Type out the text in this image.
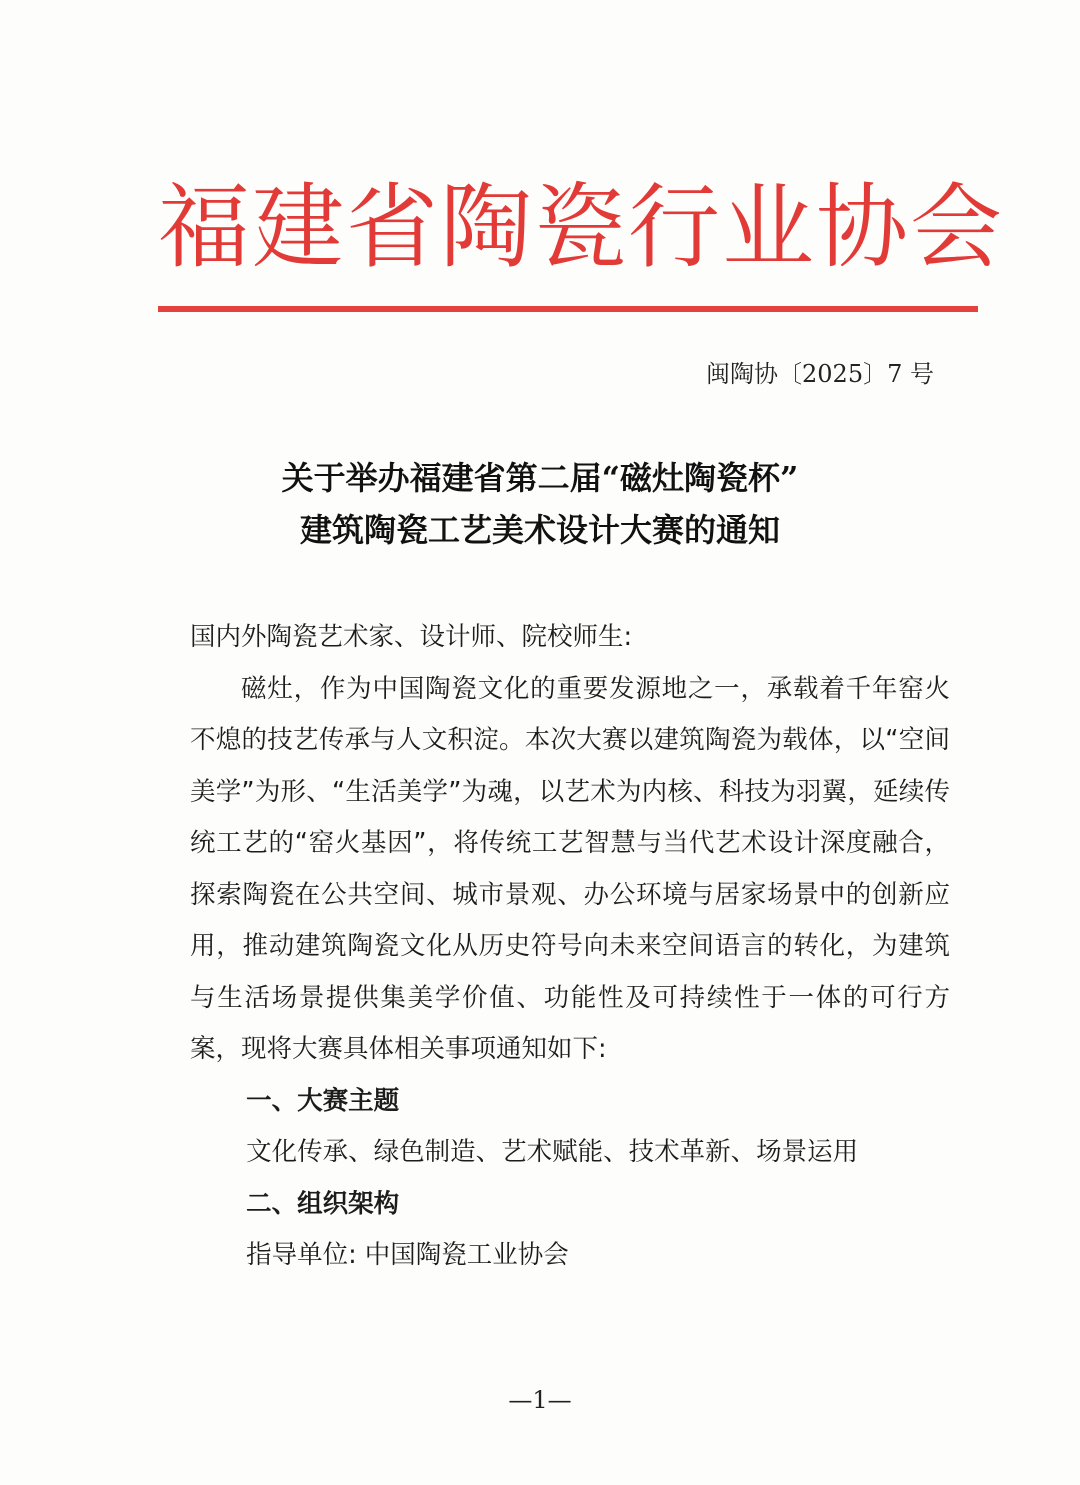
福建省陶瓷行业协会
闽陶协〔2025〕7 号
关于举办福建省第二届“磁灶陶瓷杯”
建筑陶瓷工艺美术设计大赛的通知

国内外陶瓷艺术家、设计师、院校师生:

磁灶，作为中国陶瓷文化的重要发源地之一，承载着千年窑火不熄的技艺传承与人文积淀。本次大赛以建筑陶瓷为载体，以“空间美学”为形、“生活美学”为魂，以艺术为内核、科技为羽翼，延续传统工艺的“窑火基因”，将传统工艺智慧与当代艺术设计深度融合，探索陶瓷在公共空间、城市景观、办公环境与居家场景中的创新应用，推动建筑陶瓷文化从历史符号向未来空间语言的转化，为建筑与生活场景提供集美学价值、功能性及可持续性于一体的可行方案，现将大赛具体相关事项通知如下:

一、大赛主题

文化传承、绿色制造、艺术赋能、技术革新、场景运用

二、组织架构

指导单位: 中国陶瓷工业协会

—1—
